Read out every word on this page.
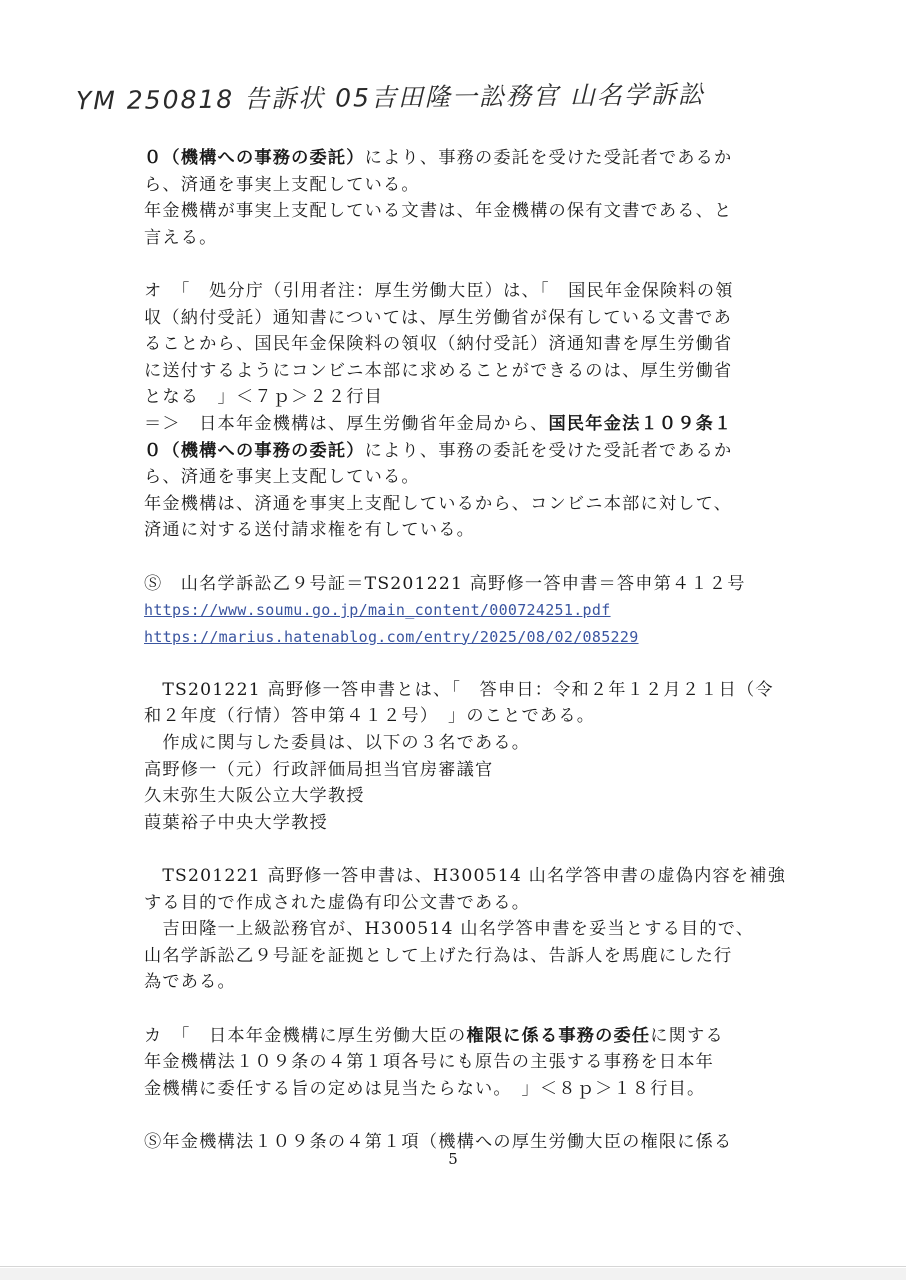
YM 250818 告訴状 05吉田隆一訟務官 山名学訴訟
０（機構への事務の委託）により、事務の委託を受けた受託者であるか
ら、済通を事実上支配している。
年金機構が事実上支配している文書は、年金機構の保有文書である、と
言える。
オ　「　処分庁（引用者注：厚生労働大臣）は、「　国民年金保険料の領
収（納付受託）通知書については、厚生労働省が保有している文書であ
ることから、国民年金保険料の領収（納付受託）済通知書を厚生労働省
に送付するようにコンビニ本部に求めることができるのは、厚生労働省
となる　」＜７ｐ＞２２行目
＝＞　日本年金機構は、厚生労働省年金局から、国民年金法１０９条１
０（機構への事務の委託）により、事務の委託を受けた受託者であるか
ら、済通を事実上支配している。
年金機構は、済通を事実上支配しているから、コンビニ本部に対して、
済通に対する送付請求権を有している。
Ⓢ　山名学訴訟乙９号証＝TS201221 高野修一答申書＝答申第４１２号
https://www.soumu.go.jp/main_content/000724251.pdf
https://marius.hatenablog.com/entry/2025/08/02/085229
　TS201221 高野修一答申書とは、「　答申日：令和２年１２月２１日（令
和２年度（行情）答申第４１２号）　」のことである。
　作成に関与した委員は、以下の３名である。
高野修一（元）行政評価局担当官房審議官
久末弥生大阪公立大学教授
葭葉裕子中央大学教授
　TS201221 高野修一答申書は、H300514 山名学答申書の虚偽内容を補強
する目的で作成された虚偽有印公文書である。
　吉田隆一上級訟務官が、H300514 山名学答申書を妥当とする目的で、
山名学訴訟乙９号証を証拠として上げた行為は、告訴人を馬鹿にした行
為である。
カ　「　日本年金機構に厚生労働大臣の権限に係る事務の委任に関する
年金機構法１０９条の４第１項各号にも原告の主張する事務を日本年
金機構に委任する旨の定めは見当たらない。　」＜８ｐ＞１８行目。
Ⓢ年金機構法１０９条の４第１項（機構への厚生労働大臣の権限に係る
5
